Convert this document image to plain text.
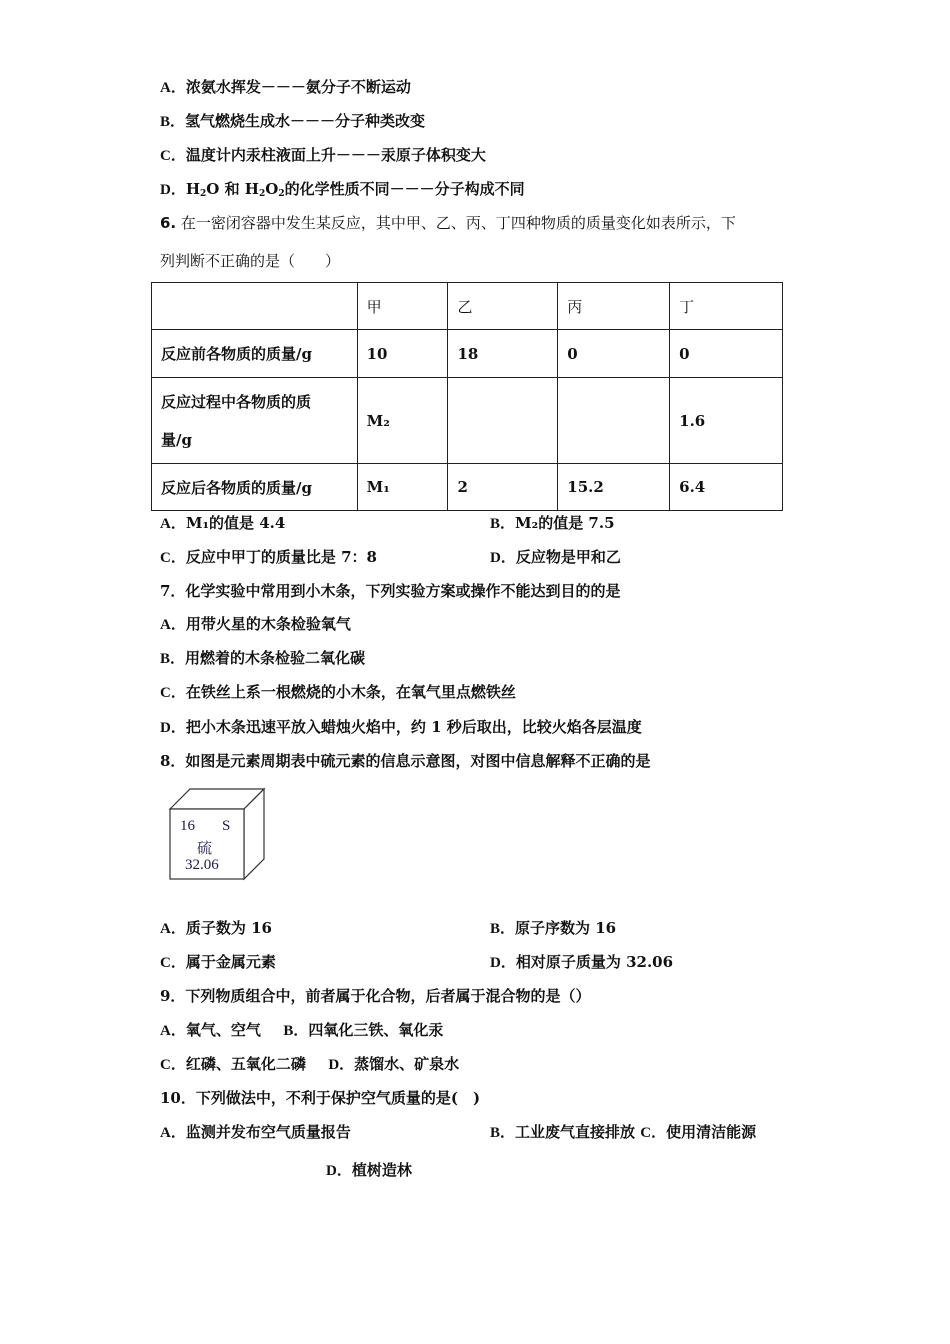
A．浓氨水挥发－－－氨分子不断运动
B．氢气燃烧生成水－－－分子种类改变
C．温度计内汞柱液面上升－－－汞原子体积变大
D．$H_2O$ 和 $H_2O_2$的化学性质不同－－－分子构成不同
6. 在一密闭容器中发生某反应，其中甲、乙、丙、丁四种物质的质量变化如表所示，下
列判断不正确的是（　　）
	甲	乙	丙	丁
反应前各物质的质量/g	10	18	0	0

反应过程中各物质的质
量/g	M₂			1.6
反应后各物质的质量/g	M₁	2	15.2	6.4
A．M₁的值是 4.4	B．M₂的值是 7.5
C．反应中甲丁的质量比是 7：8	D．反应物是甲和乙
7．化学实验中常用到小木条，下列实验方案或操作不能达到目的的是
A．用带火星的木条检验氧气
B．用燃着的木条检验二氧化碳
C．在铁丝上系一根燃烧的小木条，在氧气里点燃铁丝
D．把小木条迅速平放入蜡烛火焰中，约 1 秒后取出，比较火焰各层温度
8．如图是元素周期表中硫元素的信息示意图，对图中信息解释不正确的是
16 S
硫
32.06
A．质子数为 16	B．原子序数为 16
C．属于金属元素	D．相对原子质量为 32.06
9．下列物质组合中，前者属于化合物，后者属于混合物的是（）
A．氧气、空气 B．四氧化三铁、氧化汞
C．红磷、五氧化二磷 D．蒸馏水、矿泉水
10．下列做法中，不利于保护空气质量的是(　)
A．监测并发布空气质量报告	B．工业废气直接排放 C．使用清洁能源
D．植树造林
